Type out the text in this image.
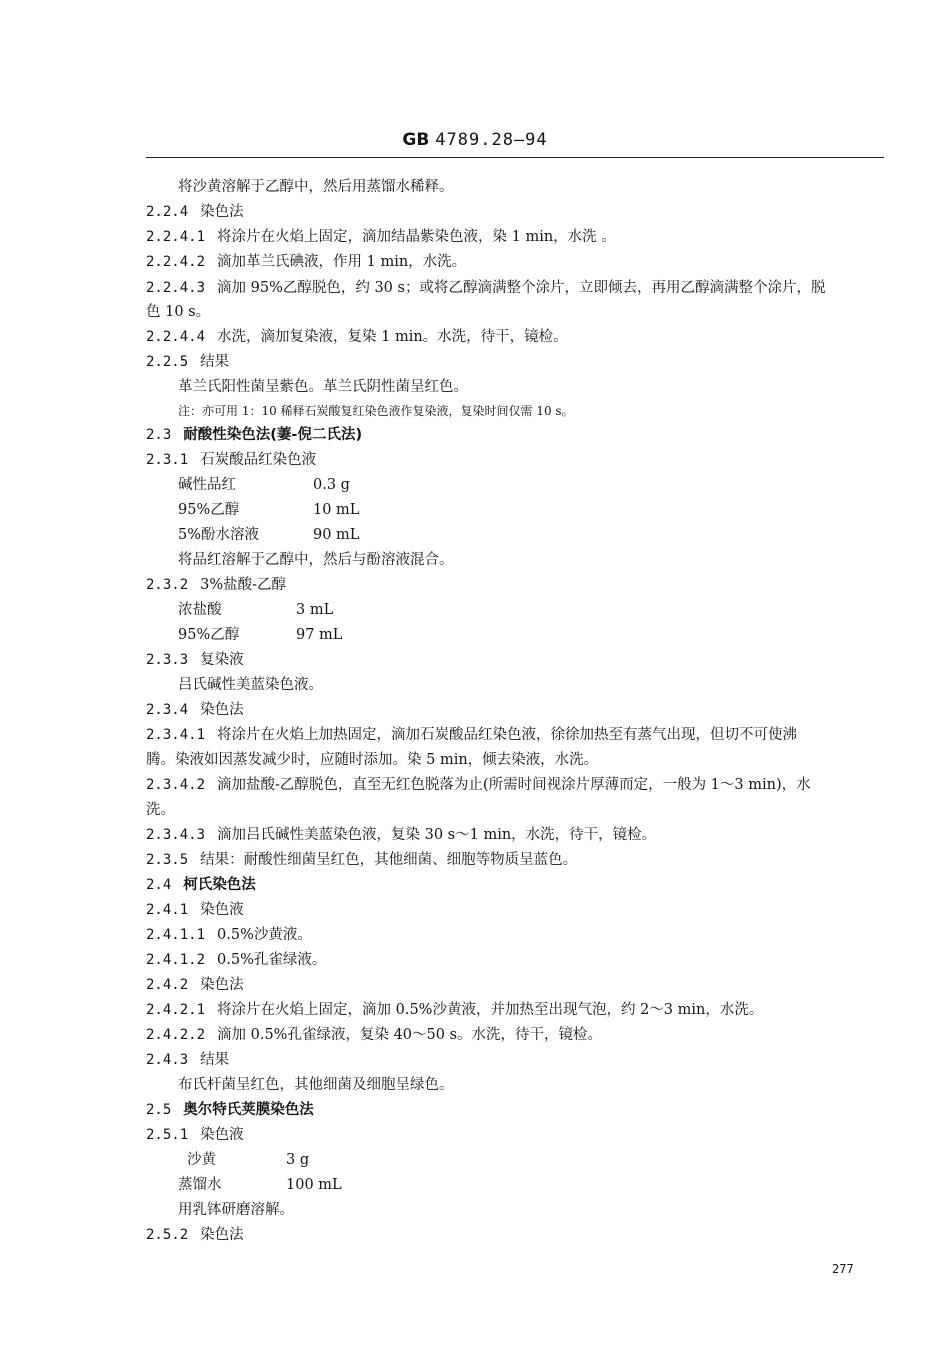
GB 4789.28—94
将沙黄溶解于乙醇中，然后用蒸馏水稀释。
2.2.4 染色法
2.2.4.1 将涂片在火焰上固定，滴加结晶紫染色液，染 1 min，水洗 。
2.2.4.2 滴加革兰氏碘液，作用 1 min，水洗。
2.2.4.3 滴加 95%乙醇脱色，约 30 s；或将乙醇滴满整个涂片，立即倾去，再用乙醇滴满整个涂片，脱
色 10 s。
2.2.4.4 水洗，滴加复染液，复染 1 min。水洗，待干，镜检。
2.2.5 结果
革兰氏阳性菌呈紫色。革兰氏阴性菌呈红色。
注：亦可用 1：10 稀释石炭酸复红染色液作复染液，复染时间仅需 10 s。
2.3 耐酸性染色法(萋-倪二氏法)
2.3.1 石炭酸品红染色液
碱性品红	0.3 g
95%乙醇	10 mL
5%酚水溶液	90 mL
将品红溶解于乙醇中，然后与酚溶液混合。
2.3.2 3%盐酸-乙醇
浓盐酸	3 mL
95%乙醇	97 mL
2.3.3 复染液
吕氏碱性美蓝染色液。
2.3.4 染色法
2.3.4.1 将涂片在火焰上加热固定，滴加石炭酸品红染色液，徐徐加热至有蒸气出现，但切不可使沸
腾。染液如因蒸发减少时，应随时添加。染 5 min，倾去染液，水洗。
2.3.4.2 滴加盐酸-乙醇脱色，直至无红色脱落为止(所需时间视涂片厚薄而定，一般为 1～3 min)，水
洗。
2.3.4.3 滴加吕氏碱性美蓝染色液，复染 30 s～1 min，水洗，待干，镜检。
2.3.5 结果：耐酸性细菌呈红色，其他细菌、细胞等物质呈蓝色。
2.4 柯氏染色法
2.4.1 染色液
2.4.1.1 0.5%沙黄液。
2.4.1.2 0.5%孔雀绿液。
2.4.2 染色法
2.4.2.1 将涂片在火焰上固定，滴加 0.5%沙黄液，并加热至出现气泡，约 2～3 min，水洗。
2.4.2.2 滴加 0.5%孔雀绿液，复染 40～50 s。水洗，待干，镜检。
2.4.3 结果
布氏杆菌呈红色，其他细菌及细胞呈绿色。
2.5 奥尔特氏荚膜染色法
2.5.1 染色液
沙黄	3 g
蒸馏水	100 mL
用乳钵研磨溶解。
2.5.2 染色法
277
